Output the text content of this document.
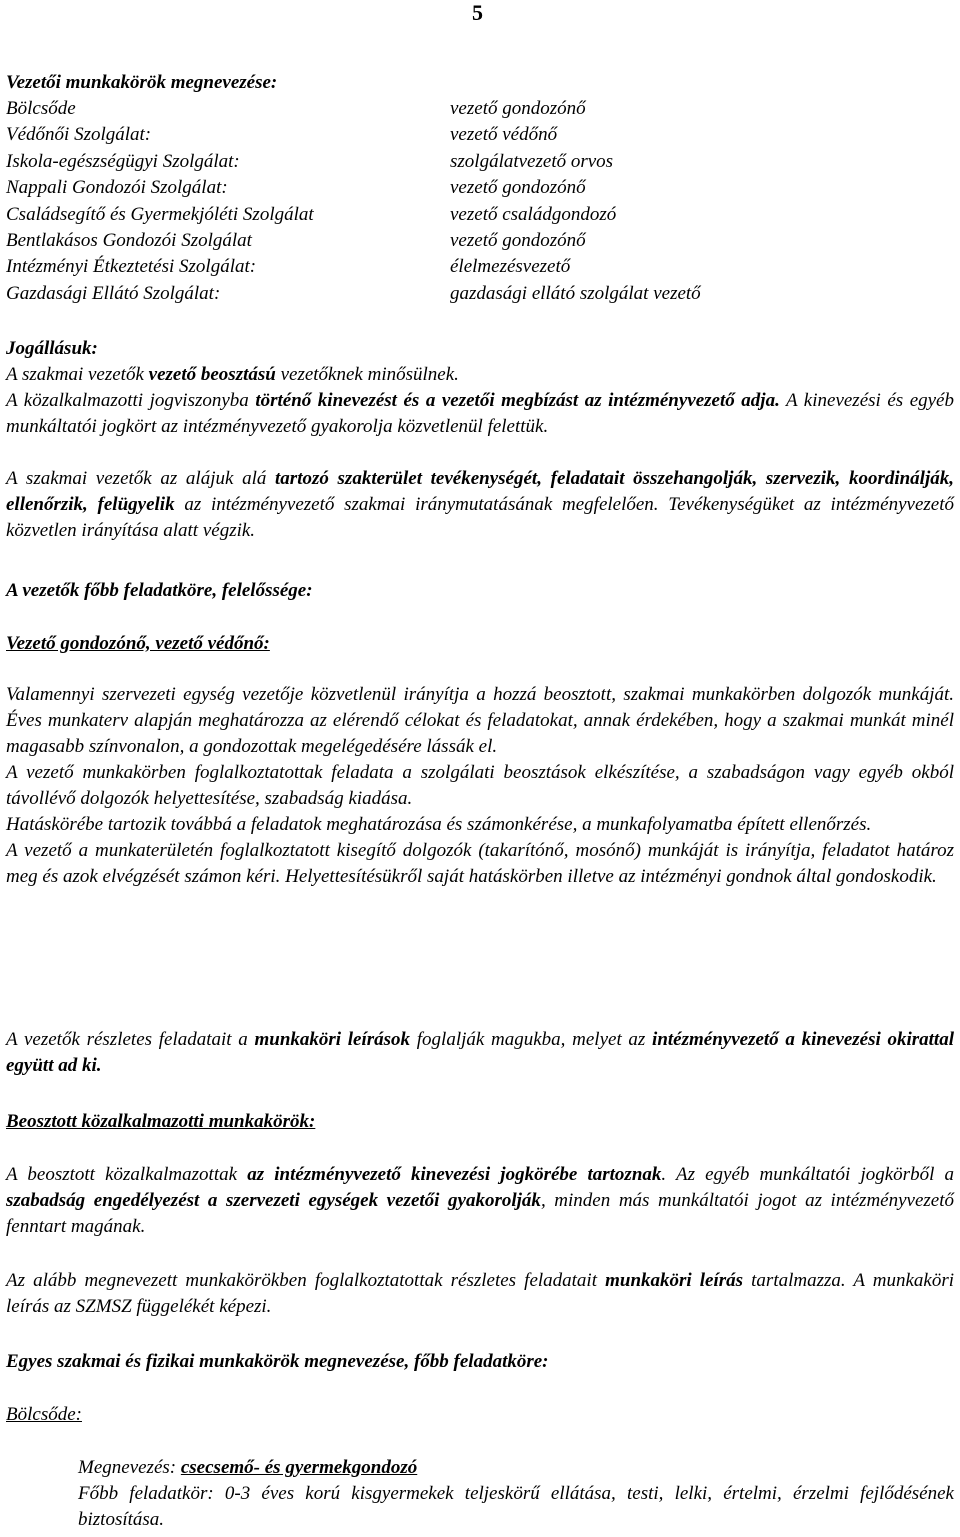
5

Vezetői munkakörök megnevezése:

Bölcsőde	vezető gondozónő
Védőnői Szolgálat:	vezető védőnő
Iskola-egészségügyi Szolgálat:	szolgálatvezető orvos
Nappali Gondozói Szolgálat:	vezető gondozónő
Családsegítő és Gyermekjóléti Szolgálat	vezető családgondozó
Bentlakásos Gondozói Szolgálat	vezető gondozónő
Intézményi Étkeztetési Szolgálat:	élelmezésvezető
Gazdasági Ellátó Szolgálat:	gazdasági ellátó szolgálat vezető

Jogállásuk:

A szakmai vezetők vezető beosztású vezetőknek minősülnek.

A közalkalmazotti jogviszonyba történő kinevezést és a vezetői megbízást az intézményvezető adja. A kinevezési és egyéb munkáltatói jogkört az intézményvezető gyakorolja közvetlenül felettük.

A szakmai vezetők az alájuk alá tartozó szakterület tevékenységét, feladatait összehangolják, szervezik, koordinálják, ellenőrzik, felügyelik az intézményvezető szakmai iránymutatásának megfelelően. Tevékenységüket az intézményvezető közvetlen irányítása alatt végzik.
A vezetők főbb feladatköre, felelőssége:
Vezető gondozónő, vezető védőnő:

Valamennyi szervezeti egység vezetője közvetlenül irányítja a hozzá beosztott, szakmai munkakörben dolgozók munkáját. Éves munkaterv alapján meghatározza az elérendő célokat és feladatokat, annak érdekében, hogy a szakmai munkát minél magasabb színvonalon, a gondozottak megelégedésére lássák el.

A vezető munkakörben foglalkoztatottak feladata a szolgálati beosztások elkészítése, a szabadságon vagy egyéb okból távollévő dolgozók helyettesítése, szabadság kiadása.

Hatáskörébe tartozik továbbá a feladatok meghatározása és számonkérése, a munkafolyamatba épített ellenőrzés.

A vezető a munkaterületén foglalkoztatott kisegítő dolgozók (takarítónő, mosónő) munkáját is irányítja, feladatot határoz meg és azok elvégzését számon kéri. Helyettesítésükről saját hatáskörben illetve az intézményi gondnok által gondoskodik.

A vezetők részletes feladatait a munkaköri leírások foglalják magukba, melyet az intézményvezető a kinevezési okirattal együtt ad ki.
Beosztott közalkalmazotti munkakörök:
A beosztott közalkalmazottak az intézményvezető kinevezési jogkörébe tartoznak. Az egyéb munkáltatói jogkörből a szabadság engedélyezést a szervezeti egységek vezetői gyakorolják, minden más munkáltatói jogot az intézményvezető fenntart magának.
Az alább megnevezett munkakörökben foglalkoztatottak részletes feladatait munkaköri leírás tartalmazza. A munkaköri leírás az SZMSZ függelékét képezi.
Egyes szakmai és fizikai munkakörök megnevezése, főbb feladatköre:
Bölcsőde:

Megnevezés: csecsemő- és gyermekgondozó

Főbb feladatkör: 0-3 éves korú kisgyermekek teljeskörű ellátása, testi, lelki, értelmi, érzelmi fejlődésének biztosítása.
